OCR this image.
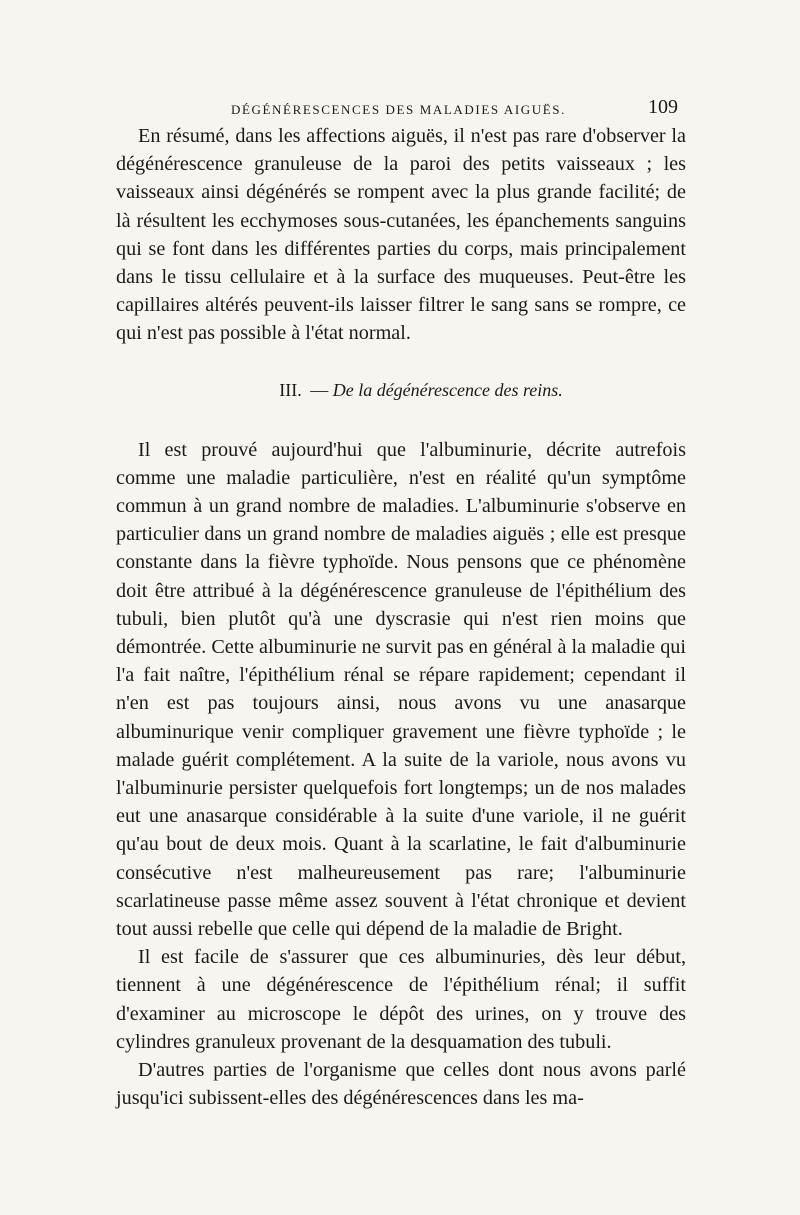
DÉGÉNÉRESCENCES DES MALADIES AIGUËS.	109

En résumé, dans les affections aiguës, il n'est pas rare d'observer la dégénérescence granuleuse de la paroi des petits vaisseaux ; les vaisseaux ainsi dégénérés se rompent avec la plus grande facilité; de là résultent les ecchymoses sous-cutanées, les épanchements sanguins qui se font dans les différentes parties du corps, mais principalement dans le tissu cellulaire et à la surface des muqueuses. Peut-être les capillaires altérés peuvent-ils laisser filtrer le sang sans se rompre, ce qui n'est pas possible à l'état normal.

III. — De la dégénérescence des reins.

Il est prouvé aujourd'hui que l'albuminurie, décrite autrefois comme une maladie particulière, n'est en réalité qu'un symptôme commun à un grand nombre de maladies. L'albuminurie s'observe en particulier dans un grand nombre de maladies aiguës ; elle est presque constante dans la fièvre typhoïde. Nous pensons que ce phénomène doit être attribué à la dégénérescence granuleuse de l'épithélium des tubuli, bien plutôt qu'à une dyscrasie qui n'est rien moins que démontrée. Cette albuminurie ne survit pas en général à la maladie qui l'a fait naître, l'épithélium rénal se répare rapidement; cependant il n'en est pas toujours ainsi, nous avons vu une anasarque albuminurique venir compliquer gravement une fièvre typhoïde ; le malade guérit complétement. A la suite de la variole, nous avons vu l'albuminurie persister quelquefois fort longtemps; un de nos malades eut une anasarque considérable à la suite d'une variole, il ne guérit qu'au bout de deux mois. Quant à la scarlatine, le fait d'albuminurie consécutive n'est malheureusement pas rare; l'albuminurie scarlatineuse passe même assez souvent à l'état chronique et devient tout aussi rebelle que celle qui dépend de la maladie de Bright.

Il est facile de s'assurer que ces albuminuries, dès leur début, tiennent à une dégénérescence de l'épithélium rénal; il suffit d'examiner au microscope le dépôt des urines, on y trouve des cylindres granuleux provenant de la desquamation des tubuli.

D'autres parties de l'organisme que celles dont nous avons parlé jusqu'ici subissent-elles des dégénérescences dans les ma-
